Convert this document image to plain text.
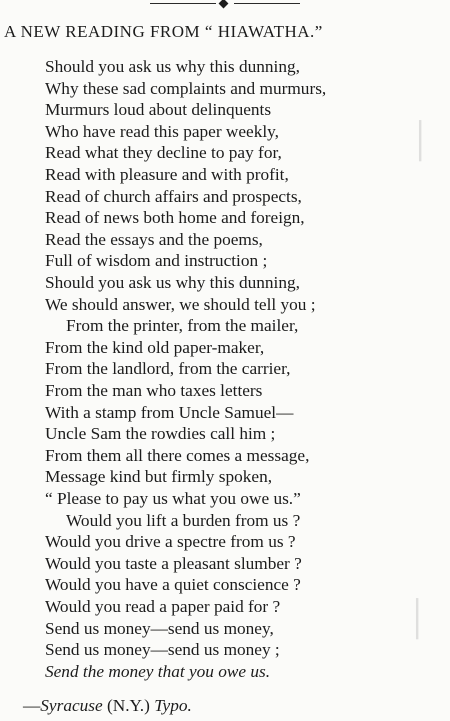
A NEW READING FROM “ HIAWATHA.”
Should you ask us why this dunning,
Why these sad complaints and murmurs,
Murmurs loud about delinquents
Who have read this paper weekly,
Read what they decline to pay for,
Read with pleasure and with profit,
Read of church affairs and prospects,
Read of news both home and foreign,
Read the essays and the poems,
Full of wisdom and instruction ;
Should you ask us why this dunning,
We should answer, we should tell you ;
From the printer, from the mailer,
From the kind old paper-maker,
From the landlord, from the carrier,
From the man who taxes letters
With a stamp from Uncle Samuel—
Uncle Sam the rowdies call him ;
From them all there comes a message,
Message kind but firmly spoken,
“ Please to pay us what you owe us.”
Would you lift a burden from us ?
Would you drive a spectre from us ?
Would you taste a pleasant slumber ?
Would you have a quiet conscience ?
Would you read a paper paid for ?
Send us money—send us money,
Send us money—send us money ;
Send the money that you owe us.
—Syracuse (N.Y.) Typo.
│
│
